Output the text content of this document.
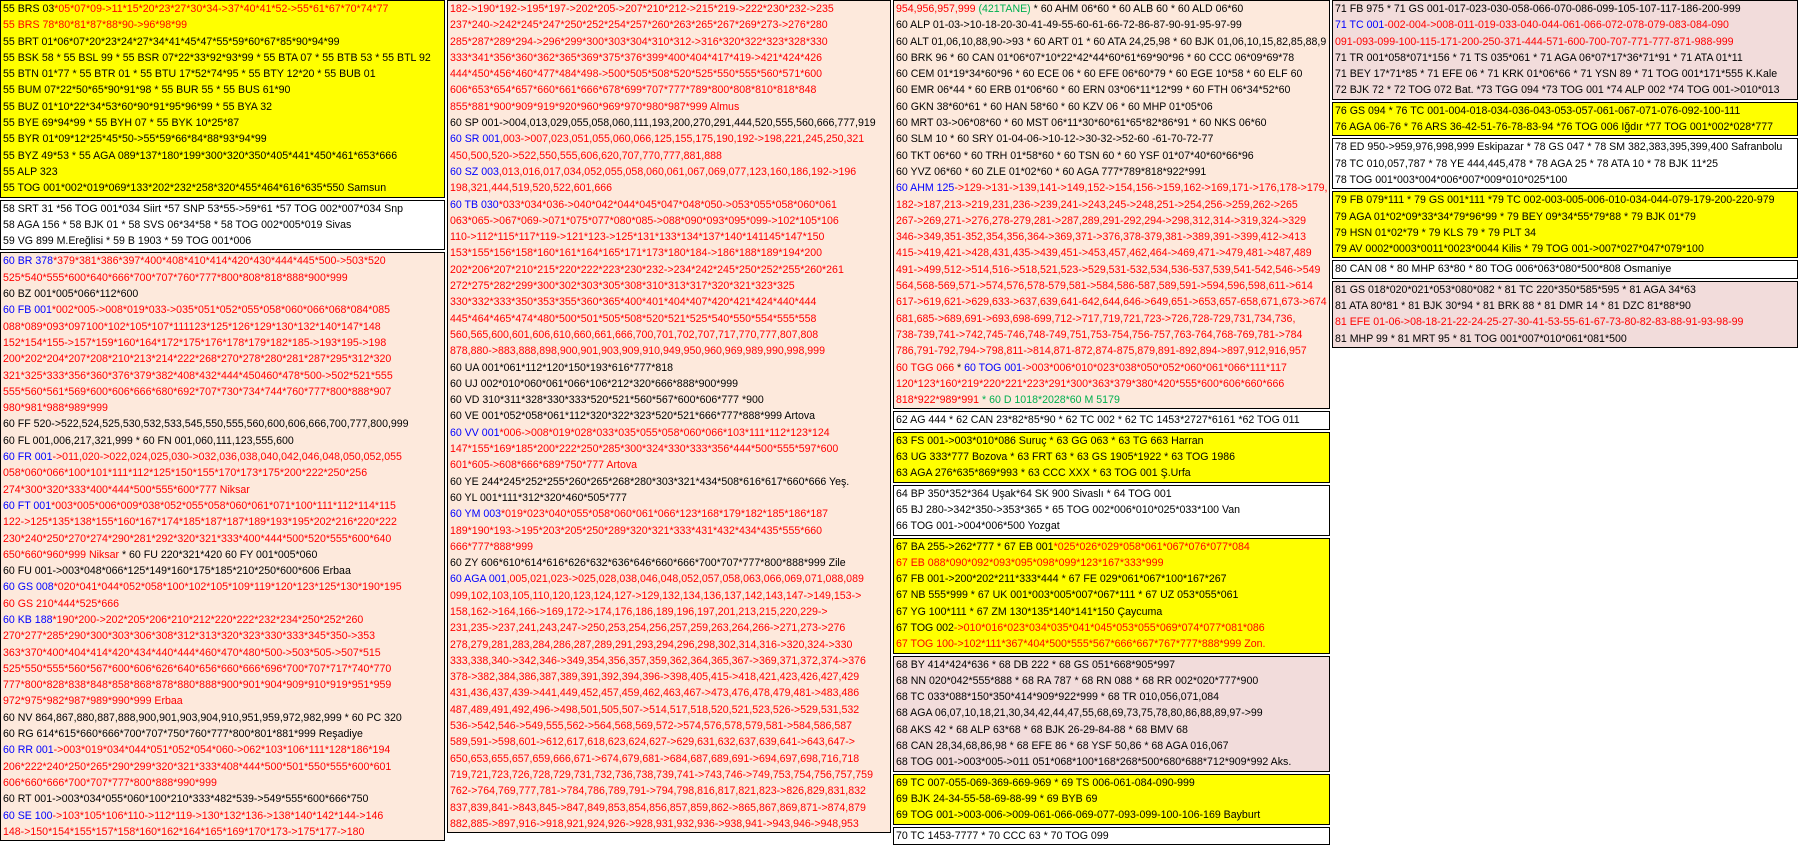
55 BRS 03*05*07*09->11*15*20*23*27*30*34->37*40*41*52->55*61*67*70*74*77
55 BRS 78*80*81*87*88*90->96*98*99
55 BRT 01*06*07*20*23*24*27*34*41*45*47*55*59*60*67*85*90*94*99
55 BSK 58 * 55 BSL 99 * 55 BSR 07*22*33*92*93*99 * 55 BTA 07 * 55 BTB 53 * 55 BTL 92
55 BTN 01*77 * 55 BTR 01 * 55 BTU 17*52*74*95 * 55 BTY 12*20 * 55 BUB 01
55 BUM 07*22*50*65*90*91*98 * 55 BUR 55 * 55 BUS 61*90
55 BUZ 01*10*22*34*53*60*90*91*95*96*99 * 55 BYA 32
55 BYE 69*94*99 * 55 BYH 07 * 55 BYK 10*25*87
55 BYR 01*09*12*25*45*50->55*59*66*84*88*93*94*99
55 BYZ 49*53 * 55 AGA 089*137*180*199*300*320*350*405*441*450*461*653*666
55 ALP 323
55 TOG 001*002*019*069*133*202*232*258*320*455*464*616*635*550 Samsun
58 SRT 31 *56 TOG 001*034 Siirt *57 SNP 53*55->59*61 *57 TOG 002*007*034 Snp
58 AGA 156 * 58 BJK 01 * 58 SVS 06*34*58 * 58 TOG 002*005*019 Sivas
59 VG 899 M.Ereğlisi * 59 B 1903 * 59 TOG 001*006
60 BR 378*379*381*386*397*400*408*410*414*420*430*444*445*500->503*520
525*540*555*600*640*666*700*707*760*777*800*808*818*888*900*999
60 BZ 001*005*066*112*600
60 FB 001*002*005->008*019*033->035*051*052*055*058*060*066*068*084*085
088*089*093*097100*102*105*107*111123*125*126*129*130*132*140*147*148
152*154*155->157*159*160*164*172*175*176*178*179*182*185->193*195->198
200*202*204*207*208*210*213*214*222*268*270*278*280*281*287*295*312*320
321*325*333*356*360*376*379*382*408*432*444*450460*478*500->502*521*555
555*560*561*569*600*606*666*680*692*707*730*734*744*760*777*800*888*907
980*981*988*989*999
60 FF 520->522,524,525,530,532,533,545,550,555,560,600,606,666,700,777,800,999
60 FL 001,006,217,321,999 * 60 FN 001,060,111,123,555,600
60 FR 001->011,020->022,024,025,030->032,036,038,040,042,046,048,050,052,055
058*060*066*100*101*111*112*125*150*155*170*173*175*200*222*250*256
274*300*320*333*400*444*500*555*600*777 Niksar
60 FT 001*003*005*006*009*038*052*055*058*060*061*071*100*111*112*114*115
122->125*135*138*155*160*167*174*185*187*187*189*193*195*202*216*220*222
230*240*250*270*274*290*281*292*320*321*333*400*444*500*520*555*600*640
650*660*960*999 Niksar * 60 FU 220*321*420 60 FY 001*005*060
60 FU 001->003*048*066*125*149*160*175*185*210*250*600*606 Erbaa
60 GS 008*020*041*044*052*058*100*102*105*109*119*120*123*125*130*190*195
60 GS 210*444*525*666
60 KB 188*190*200->202*205*206*210*212*220*222*232*234*250*252*260
270*277*285*290*300*303*306*308*312*313*320*323*330*333*345*350->353
363*370*400*404*414*420*434*440*444*460*470*480*500->503*505->507*515
525*550*555*560*567*600*606*626*640*656*660*666*696*700*707*717*740*770
777*800*828*838*848*858*868*878*880*888*900*901*904*909*910*919*951*959
972*975*982*987*989*990*999 Erbaa
60 NV 864,867,880,887,888,900,901,903,904,910,951,959,972,982,999 * 60 PC 320
60 RG 614*615*660*666*700*707*750*760*777*800*801*881*999 Reşadiye
60 RR 001->003*019*034*044*051*052*054*060->062*103*106*111*128*186*194
206*222*240*250*265*290*299*320*321*333*408*444*500*501*550*555*600*601
606*660*666*700*707*777*800*888*990*999
60 RT 001->003*034*055*060*100*210*333*482*539->549*555*600*666*750
60 SE 100->103*105*106*110->112*119->130*132*136->138*140*142*144->146
148->150*154*155*157*158*160*162*164*165*169*170*173->175*177->180
182->190*192->195*197->202*205->207*210*212->215*219->222*230*232->235
237*240->242*245*247*250*252*254*257*260*263*265*267*269*273->276*280
285*287*289*294->296*299*300*303*304*310*312->316*320*322*323*328*330
333*341*356*360*362*365*369*375*376*399*400*404*417*419->421*424*426
444*450*456*460*477*484*498->500*505*508*520*525*550*555*560*571*600
606*653*654*657*660*661*666*678*699*707*777*789*800*808*810*818*848
855*881*900*909*919*920*960*969*970*980*987*999 Almus
60 SP 001->004,013,029,055,058,060,111,193,200,270,291,444,520,555,560,666,777,919
60 SR 001,003->007,023,051,055,060,066,125,155,175,190,192->198,221,245,250,321
450,500,520->522,550,555,606,620,707,770,777,881,888
60 SZ 003,013,016,017,034,052,055,058,060,061,067,069,077,123,160,186,192->196
198,321,444,519,520,522,601,666
60 TB 030*033*034*036->040*042*044*045*047*048*050->053*055*058*060*061
063*065->067*069->071*075*077*080*085->088*090*093*095*099->102*105*106
110->112*115*117*119->121*123->125*131*133*134*137*140*141145*147*150
153*155*156*158*160*161*164*165*171*173*180*184->186*188*189*194*200
202*206*207*210*215*220*222*223*230*232->234*242*245*250*252*255*260*261
272*275*282*299*300*302*303*305*308*310*313*317*320*321*323*325
330*332*333*350*353*355*360*365*400*401*404*407*420*421*424*440*444
445*464*465*474*480*500*501*505*508*520*521*525*540*550*554*555*558
560,565,600,601,606,610,660,661,666,700,701,702,707,717,770,777,807,808
878,880->883,888,898,900,901,903,909,910,949,950,960,969,989,990,998,999
60 UA 001*061*112*120*150*193*616*777*818
60 UJ 002*010*060*061*066*106*212*320*666*888*900*999
60 VD 310*311*328*330*333*520*521*560*567*600*606*777 *900
60 VE 001*052*058*061*112*320*322*323*520*521*666*777*888*999 Artova
60 VV 001*006->008*019*028*033*035*055*058*060*066*103*111*112*123*124
147*155*169*185*200*222*250*285*300*324*330*333*356*444*500*555*597*600
601*605->608*666*689*750*777 Artova
60 YE 244*245*252*255*260*265*268*280*303*321*434*508*616*617*660*666 Yeş.
60 YL 001*111*312*320*460*505*777
60 YM 003*019*023*040*055*058*060*061*066*123*168*179*182*185*186*187
189*190*193->195*203*205*250*289*320*321*333*431*432*434*435*555*660
666*777*888*999
60 ZY 606*610*614*616*626*632*636*646*660*666*700*707*777*800*888*999 Zile
60 AGA 001,005,021,023->025,028,038,046,048,052,057,058,063,066,069,071,088,089
099,102,103,105,110,120,123,124,127->129,132,134,136,137,142,143,147->149,153->
158,162->164,166->169,172->174,176,186,189,196,197,201,213,215,220,229->
231,235->237,241,243,247->250,253,254,256,257,259,263,264,266->271,273->276
278,279,281,283,284,286,287,289,291,293,294,296,298,302,314,316->320,324->330
333,338,340->342,346->349,354,356,357,359,362,364,365,367->369,371,372,374->376
378->382,384,386,387,389,391,392,394,396->398,405,415->418,421,423,426,427,429
431,436,437,439->441,449,452,457,459,462,463,467->473,476,478,479,481->483,486
487,489,491,492,496->498,501,505,507->514,517,518,520,521,523,526->529,531,532
536->542,546->549,555,562->564,568,569,572->574,576,578,579,581->584,586,587
589,591->598,601->612,617,618,623,624,627->629,631,632,637,639,641->643,647->
650,653,655,657,659,666,671->674,679,681->684,687,689,691->694,697,698,716,718
719,721,723,726,728,729,731,732,736,738,739,741->743,746->749,753,754,756,757,759
762->764,769,777,781->784,786,789,791->794,798,816,817,821,823->826,829,831,832
837,839,841->843,845->847,849,853,854,856,857,859,862->865,867,869,871->874,879
882,885->897,916->918,921,924,926->928,931,932,936->938,941->943,946->948,953
954,956,957,999 (421TANE) * 60 AHM 06*60 * 60 ALB 60 * 60 ALD 06*60
60 ALP 01-03->10-18-20-30-41-49-55-60-61-66-72-86-87-90-91-95-97-99
60 ALT 01,06,10,88,90->93 * 60 ART 01 * 60 ATA 24,25,98 * 60 BJK 01,06,10,15,82,85,88,9
60 BRK 96 * 60 CAN 01*06*07*10*22*42*44*60*61*69*90*96 * 60 CCC 06*09*69*78
60 CEM 01*19*34*60*96 * 60 ECE 06 * 60 EFE 06*60*79 * 60 EGE 10*58 * 60 ELF 60
60 EMR 06*44 * 60 ERB 01*06*60 * 60 ERN 03*06*11*12*99 * 60 FTH 06*34*52*60
60 GKN 38*60*61 * 60 HAN 58*60 * 60 KZV 06 * 60 MHP 01*05*06
60 MRT 03->06*08*60 * 60 MST 06*11*30*60*61*65*82*86*91 * 60 NKS 06*60
60 SLM 10 * 60 SRY 01-04-06->10-12->30-32->52-60 -61-70-72-77
60 TKT 06*60 * 60 TRH 01*58*60 * 60 TSN 60 * 60 YSF 01*07*40*60*66*96
60 YVZ 06*60 * 60 ZLE 01*02*60 * 60 AGA 777*789*818*922*991
60 AHM 125->129->131->139,141->149,152->154,156->159,162->169,171->176,178->179,
182->187,213->219,231,236->239,241->243,245->248,251->254,256->259,262->265
267->269,271->276,278-279,281->287,289,291-292,294->298,312,314->319,324->329
346->349,351-352,354,356,364->369,371->376,378-379,381->389,391->399,412->413
415->419,421->428,431,435->439,451->453,457,462,464->469,471->479,481->487,489
491->499,512->514,516->518,521,523->529,531-532,534,536-537,539,541-542,546->549
564,568-569,571->574,576,578-579,581->584,586-587,589,591->594,596,598,611->614
617->619,621->629,633->637,639,641-642,644,646->649,651->653,657-658,671,673->674
681,685->689,691->693,698-699,712->717,719,721,723->726,728-729,731,734,736,
738-739,741->742,745-746,748-749,751,753-754,756-757,763-764,768-769,781->784
786,791-792,794->798,811->814,871-872,874-875,879,891-892,894->897,912,916,957
60 TGG 066 * 60 TOG 001->003*006*010*023*038*050*052*060*061*066*111*117
120*123*160*219*220*221*223*291*300*363*379*380*420*555*600*606*660*666
818*922*989*991 * 60 D 1018*2028*60 M 5179
62 AG 444 * 62 CAN 23*82*85*90 * 62 TC 002 * 62 TC 1453*2727*6161 *62 TOG 011
63 FS 001->003*010*086 Suruç * 63 GG 063 * 63 TG 663 Harran
63 UG 333*777 Bozova * 63 FRT 63 * 63 GS 1905*1922 * 63 TOG 1986
63 AGA 276*635*869*993 * 63 CCC XXX * 63 TOG 001 Ş.Urfa
64 BP 350*352*364 Uşak*64 SK 900 Sivaslı * 64 TOG 001
65 BJ 280->342*350->353*365 * 65 TOG 002*006*010*025*033*100 Van
66 TOG 001->004*006*500 Yozgat
67 BA 255->262*777 * 67 EB 001*025*026*029*058*061*067*076*077*084
67 EB 088*090*092*093*095*098*099*123*167*333*999
67 FB 001->200*202*211*333*444 * 67 FE 029*061*067*100*167*267
67 NB 555*999 * 67 UK 001*003*005*007*067*111 * 67 UZ 053*055*061
67 YG 100*111 * 67 ZM 130*135*140*141*150 Çaycuma
67 TOG 002->010*016*023*034*035*041*045*053*055*069*074*077*081*086
67 TOG 100->102*111*367*404*500*555*567*666*667*767*777*888*999 Zon.
68 BY 414*424*636 * 68 DB 222 * 68 GS 051*668*905*997
68 NN 020*042*555*888 * 68 RA 787 * 68 RN 088 * 68 RR 002*020*777*900
68 TC 033*088*150*350*414*909*922*999 * 68 TR 010,056,071,084
68 AGA 06,07,10,18,21,30,34,42,44,47,55,68,69,73,75,78,80,86,88,89,97->99
68 AKS 42 * 68 ALP 63*68 * 68 BJK 26-29-84-88 * 68 BMV 68
68 CAN 28,34,68,86,98 * 68 EFE 86 * 68 YSF 50,86 * 68 AGA 016,067
68 TOG 001->003*005->011 051*068*100*168*268*500*680*688*712*909*992 Aks.
69 TC 007-055-069-369-669-969 * 69 TS 006-061-084-090-999
69 BJK 24-34-55-58-69-88-99 * 69 BYB 69
69 TOG 001->003-006->009-061-066-069-077-093-099-100-106-169 Bayburt
70 TC 1453-7777 * 70 CCC 63 * 70 TOG 099
71 FB 975 * 71 GS 001-017-023-030-058-066-070-086-099-105-107-117-186-200-999
71 TC 001-002-004->008-011-019-033-040-044-061-066-072-078-079-083-084-090
091-093-099-100-115-171-200-250-371-444-571-600-700-707-771-777-871-988-999
71 TR 001*058*071*156 * 71 TS 035*061 * 71 AGA 06*07*17*36*71*91 * 71 ATA 01*11
71 BEY 17*71*85 * 71 EFE 06 * 71 KRK 01*06*66 * 71 YSN 89 * 71 TOG 001*171*555 K.Kale
72 BJK 72 * 72 TOG 072 Bat. *73 TGG 094 *73 TOG 001 *74 ALP 002 *74 TOG 001->010*013
76 GS 094 * 76 TC 001-004-018-034-036-043-053-057-061-067-071-076-092-100-111
76 AGA 06-76 * 76 ARS 36-42-51-76-78-83-94 *76 TOG 006 Iğdır *77 TOG 001*002*028*777
78 ED 950->959,976,998,999 Eskipazar * 78 GS 047 * 78 SM 382,383,395,399,400 Safranbolu
78 TC 010,057,787 * 78 YE 444,445,478 * 78 AGA 25 * 78 ATA 10 * 78 BJK 11*25
78 TOG 001*003*004*006*007*009*010*025*100
79 FB 079*111 * 79 GS 001*111 *79 TC 002-003-005-006-010-034-044-079-179-200-220-979
79 AGA 01*02*09*33*34*79*96*99 * 79 BEY 09*34*55*79*88 * 79 BJK 01*79
79 HSN 01*02*79 * 79 KLS 79 * 79 PLT 34
79 AV 0002*0003*0011*0023*0044 Kilis * 79 TOG 001->007*027*047*079*100
80 CAN 08 * 80 MHP 63*80 * 80 TOG 006*063*080*500*808 Osmaniye
81 GS 018*020*021*053*080*082 * 81 TC 220*350*585*595 * 81 AGA 34*63
81 ATA 80*81 * 81 BJK 30*94 * 81 BRK 88 * 81 DMR 14 * 81 DZC 81*88*90
81 EFE 01-06->08-18-21-22-24-25-27-30-41-53-55-61-67-73-80-82-83-88-91-93-98-99
81 MHP 99 * 81 MRT 95 * 81 TOG 001*007*010*061*081*500
